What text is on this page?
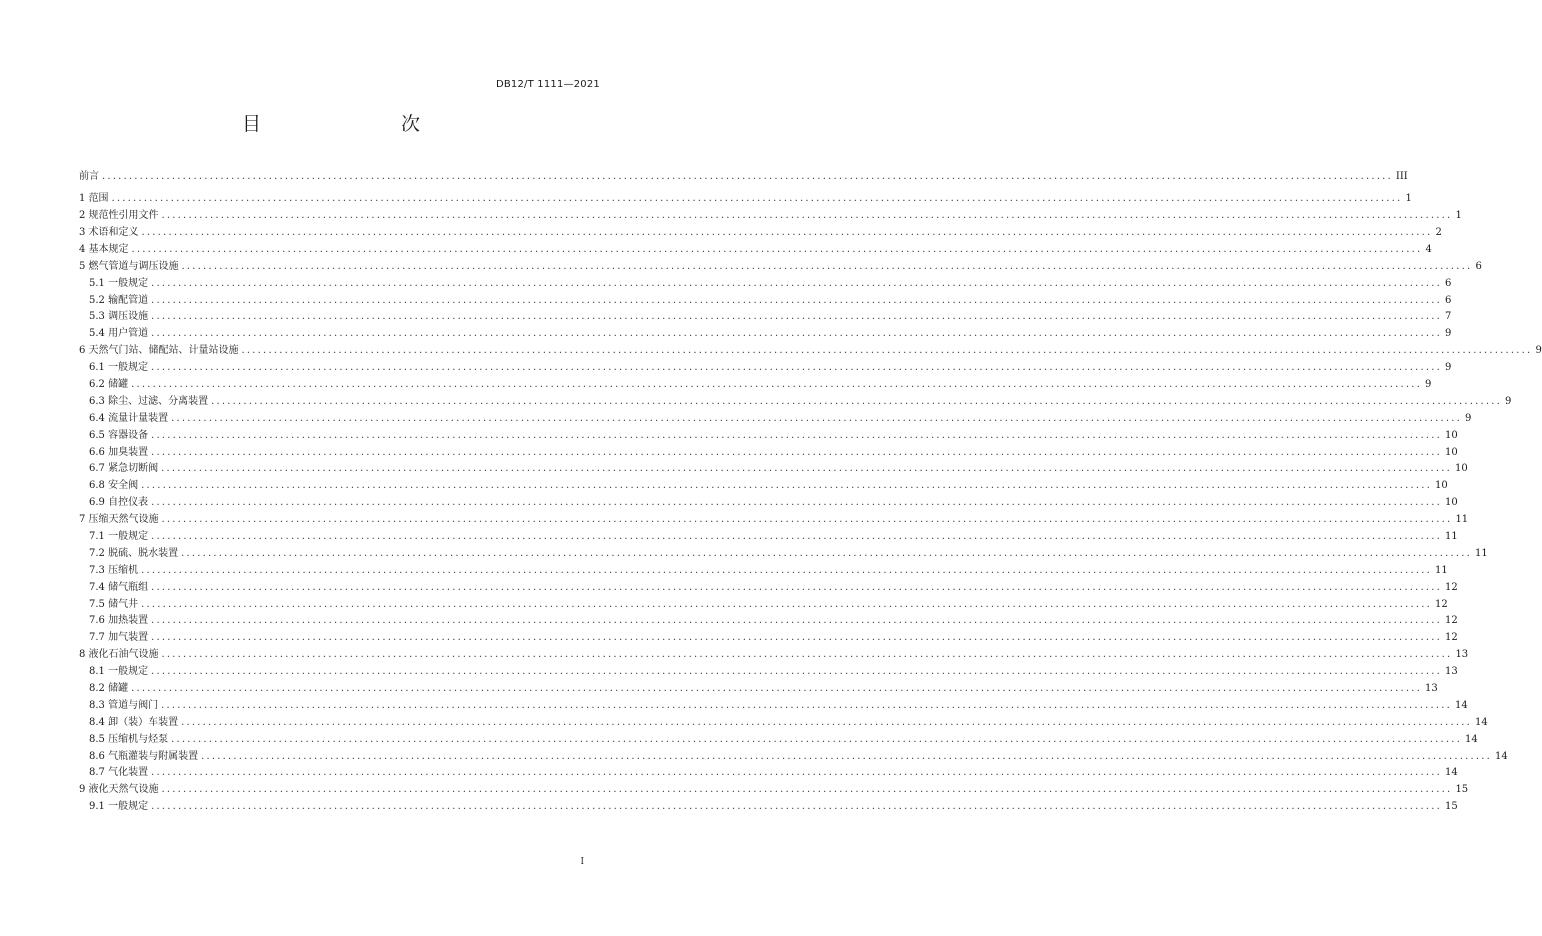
DB12/T 1111—2021
目　　次
前言 ................................................................................................................................................................................................................................................ III
1 范围 ................................................................................................................................................................................................................................................ 1
2 规范性引用文件 ................................................................................................................................................................................................................................................ 1
3 术语和定义 ................................................................................................................................................................................................................................................ 2
4 基本规定 ................................................................................................................................................................................................................................................ 4
5 燃气管道与调压设施 ................................................................................................................................................................................................................................................ 6
5.1 一般规定 ................................................................................................................................................................................................................................................ 6
5.2 输配管道 ................................................................................................................................................................................................................................................ 6
5.3 调压设施 ................................................................................................................................................................................................................................................ 7
5.4 用户管道 ................................................................................................................................................................................................................................................ 9
6 天然气门站、储配站、计量站设施 ................................................................................................................................................................................................................................................ 9
6.1 一般规定 ................................................................................................................................................................................................................................................ 9
6.2 储罐 ................................................................................................................................................................................................................................................ 9
6.3 除尘、过滤、分离装置 ................................................................................................................................................................................................................................................ 9
6.4 流量计量装置 ................................................................................................................................................................................................................................................ 9
6.5 容器设备 ................................................................................................................................................................................................................................................ 10
6.6 加臭装置 ................................................................................................................................................................................................................................................ 10
6.7 紧急切断阀 ................................................................................................................................................................................................................................................ 10
6.8 安全阀 ................................................................................................................................................................................................................................................ 10
6.9 自控仪表 ................................................................................................................................................................................................................................................ 10
7 压缩天然气设施 ................................................................................................................................................................................................................................................ 11
7.1 一般规定 ................................................................................................................................................................................................................................................ 11
7.2 脱硫、脱水装置 ................................................................................................................................................................................................................................................ 11
7.3 压缩机 ................................................................................................................................................................................................................................................ 11
7.4 储气瓶组 ................................................................................................................................................................................................................................................ 12
7.5 储气井 ................................................................................................................................................................................................................................................ 12
7.6 加热装置 ................................................................................................................................................................................................................................................ 12
7.7 加气装置 ................................................................................................................................................................................................................................................ 12
8 液化石油气设施 ................................................................................................................................................................................................................................................ 13
8.1 一般规定 ................................................................................................................................................................................................................................................ 13
8.2 储罐 ................................................................................................................................................................................................................................................ 13
8.3 管道与阀门 ................................................................................................................................................................................................................................................ 14
8.4 卸（装）车装置 ................................................................................................................................................................................................................................................ 14
8.5 压缩机与烃泵 ................................................................................................................................................................................................................................................ 14
8.6 气瓶灌装与附属装置 ................................................................................................................................................................................................................................................ 14
8.7 气化装置 ................................................................................................................................................................................................................................................ 14
9 液化天然气设施 ................................................................................................................................................................................................................................................ 15
9.1 一般规定 ................................................................................................................................................................................................................................................ 15
I
